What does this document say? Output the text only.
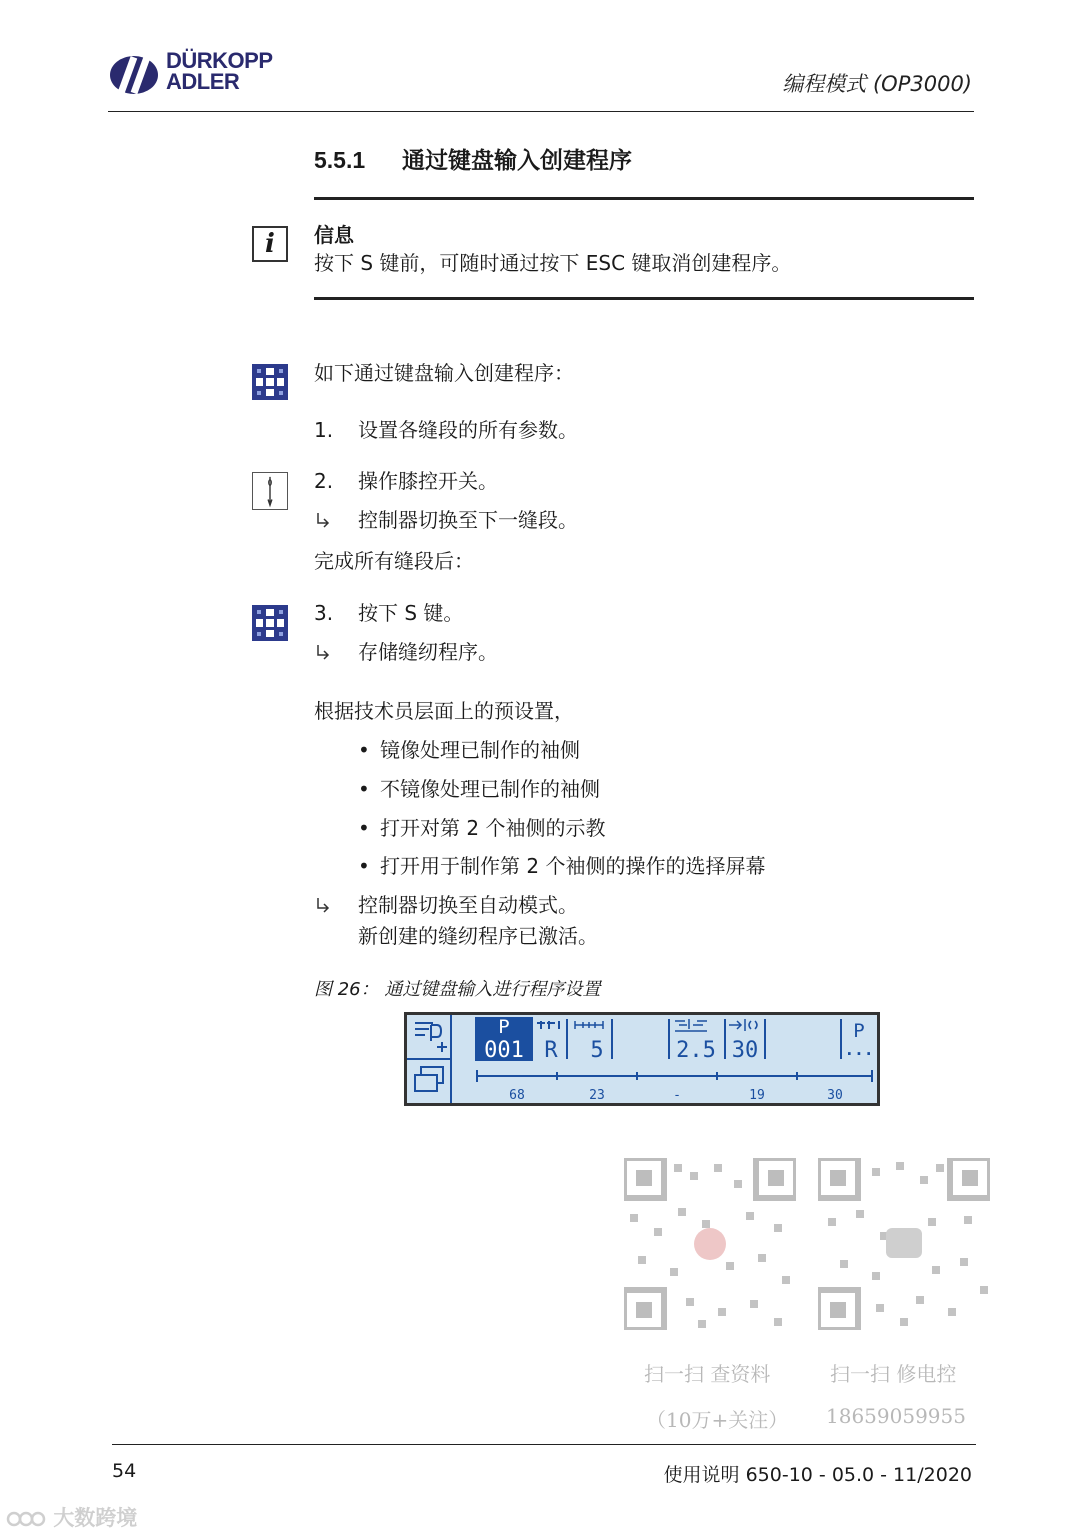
DÜRKOPP
ADLER	编程模式 (OP3000)
5.5.1 通过键盘输入创建程序
i	信息
按下 S 键前，可随时通过按下 ESC 键取消创建程序。
如下通过键盘输入创建程序：
1. 设置各缝段的所有参数。
2. 操作膝控开关。
控制器切换至下一缝段。
完成所有缝段后：
3. 按下 S 键。
存储缝纫程序。
根据技术员层面上的预设置，
• 镜像处理已制作的袖侧
• 不镜像处理已制作的袖侧
• 打开对第 2 个袖侧的示教
• 打开用于制作第 2 个袖侧的操作的选择屏幕
控制器切换至自动模式。
新创建的缝纫程序已激活。
图 26： 通过键盘输入进行程序设置
P
001 R 5	2.5 30
P
...
68	23	-	19	30
扫一扫 查资料
（10万+关注）
扫一扫 修电控
18659059955
54	使用说明 650-10 - 05.0 - 11/2020
大数跨境
